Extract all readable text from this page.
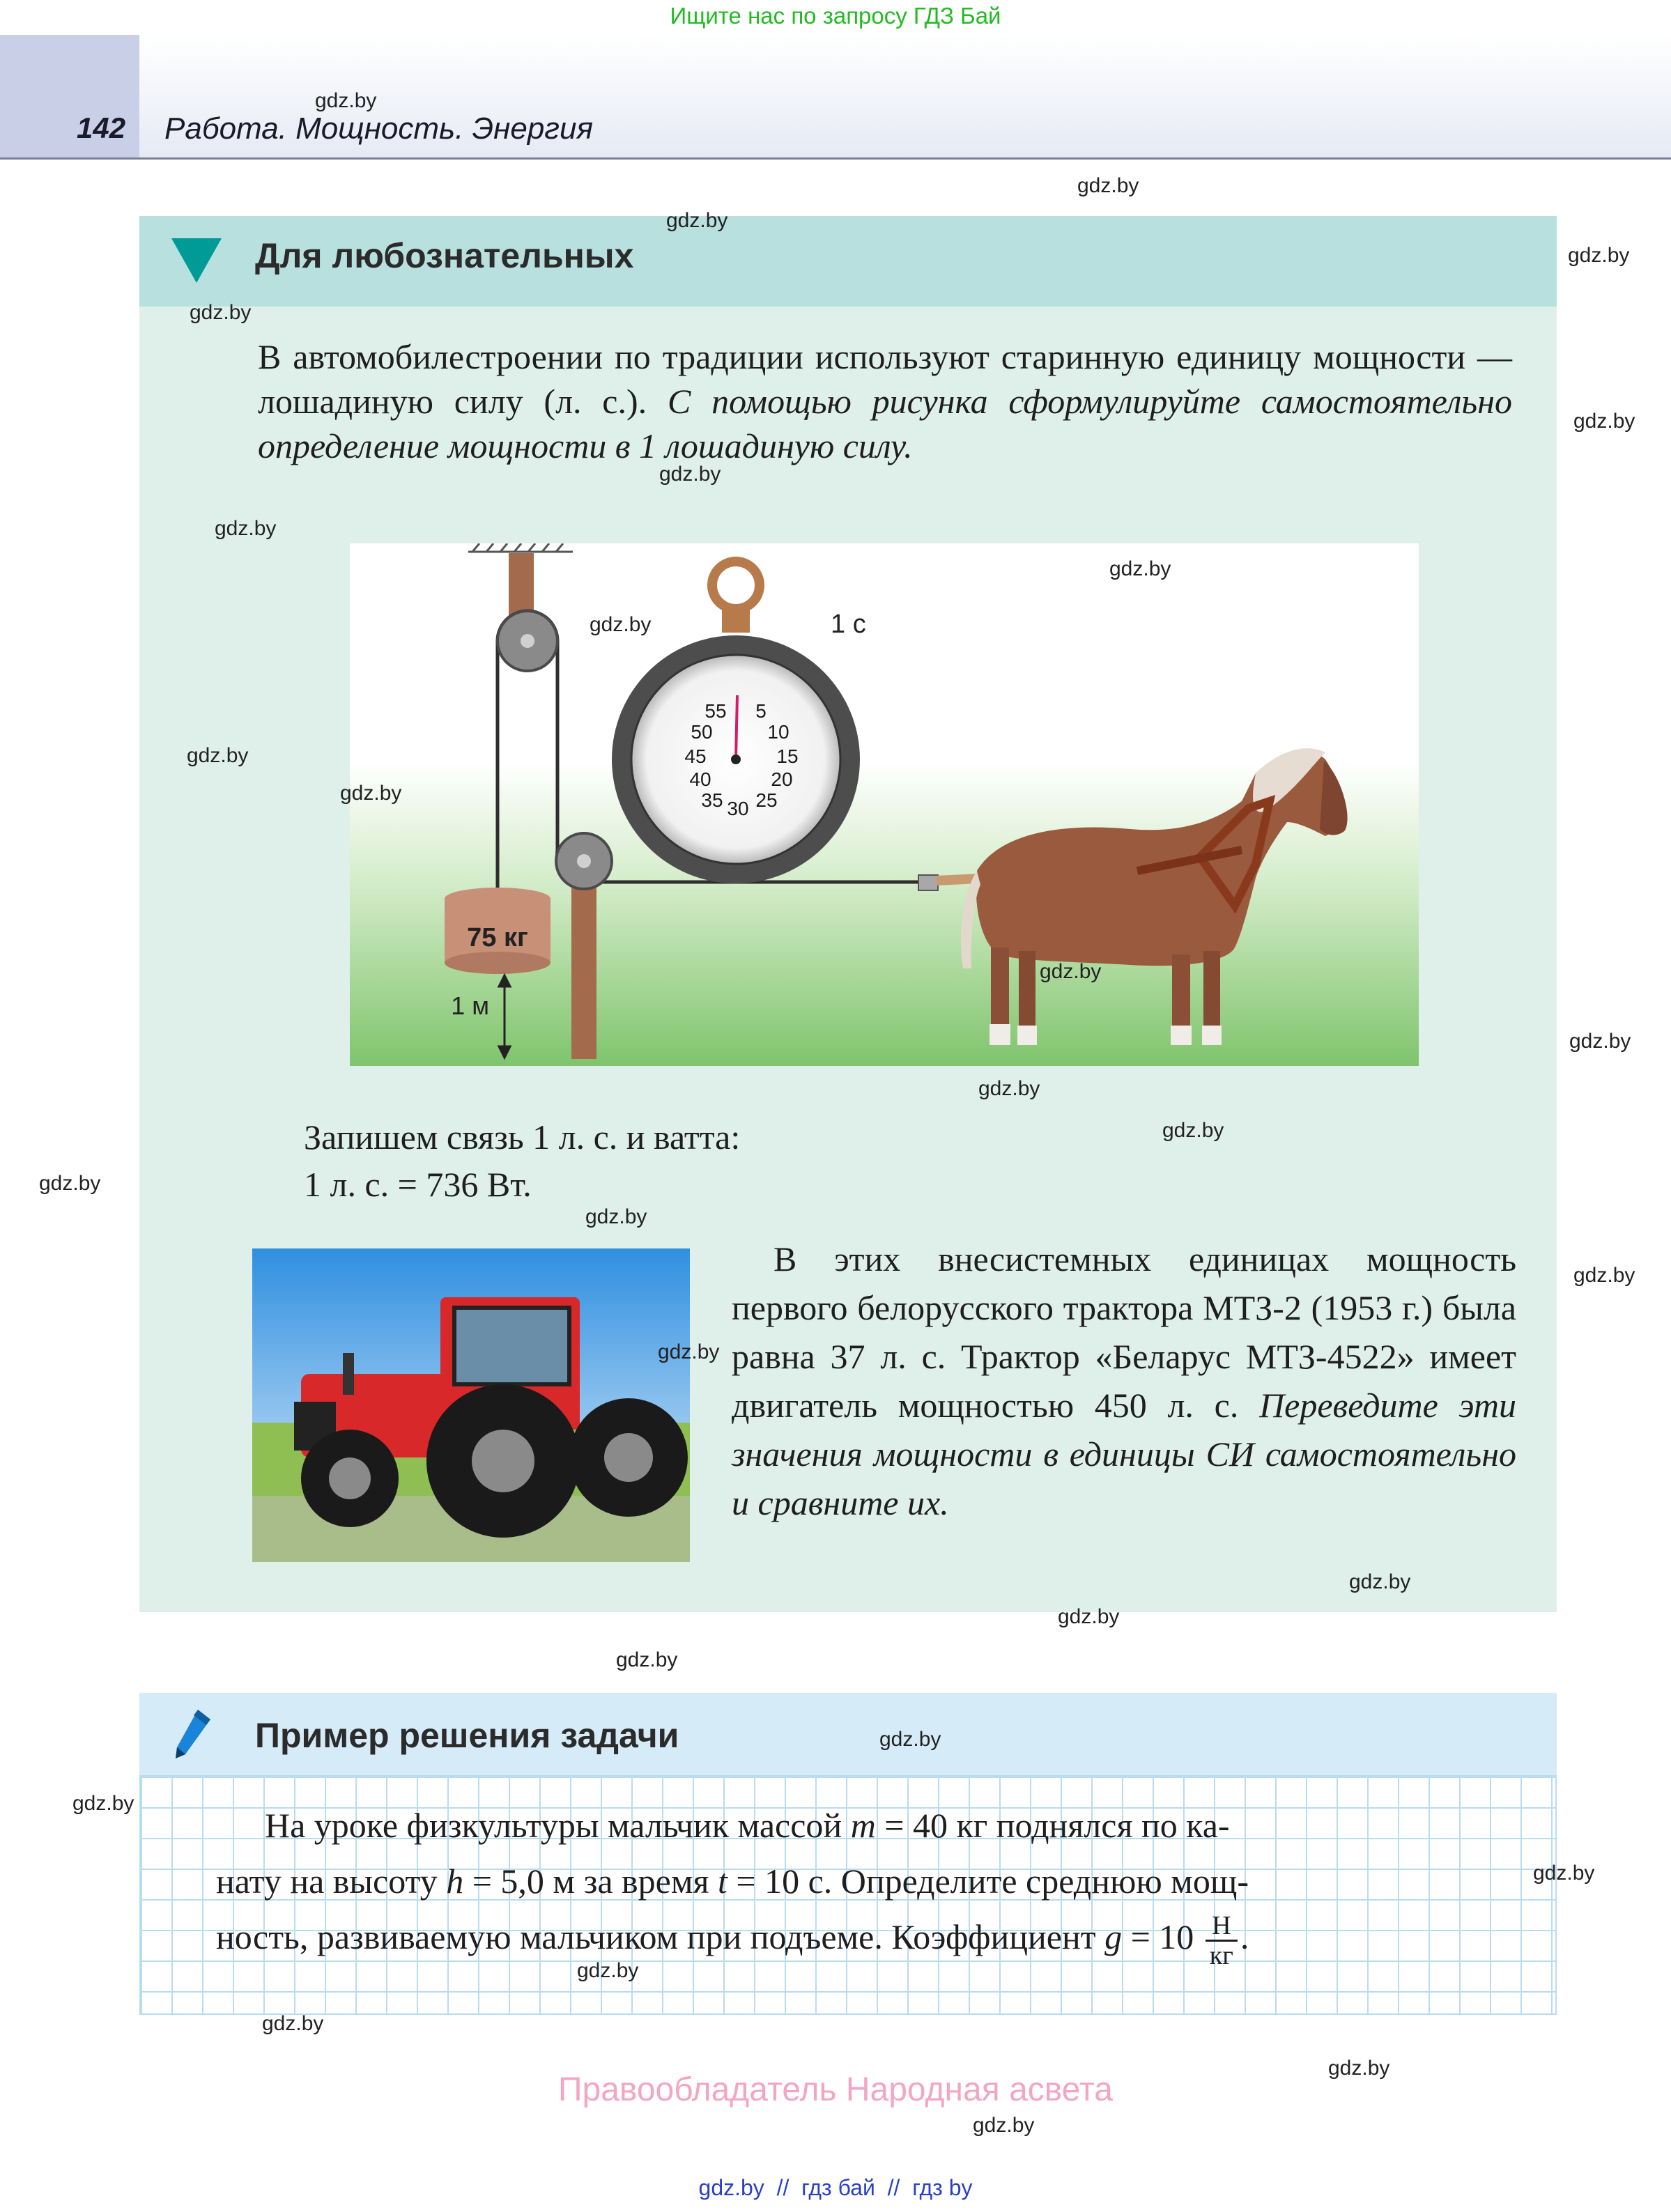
Ищите нас по запросу ГДЗ Бай
142 Работа. Мощность. Энергия
Для любознательных
В автомобилестроении по традиции используют старинную единицу мощности — лошадиную силу (л. с.). С помощью рисунка сформулируйте самостоятельно определение мощности в 1 лошадиную силу.
75 кг
1 м
55 5
50	10
45	15
40	20
35 30 25
1 с
Запишем связь 1 л. с. и ватта:
1 л. с. = 736 Вт.
В этих внесистемных единицах мощность первого белорусского трактора МТЗ-2 (1953 г.) была равна 37 л. с. Трактор «Беларус МТЗ-4522» имеет двигатель мощностью 450 л. с. Переведите эти значения мощности в единицы СИ самостоятельно и сравните их.
Пример решения задачи
На уроке физкультуры мальчик массой m = 40 кг поднялся по ка-
нату на высоту h = 5,0 м за время t = 10 с. Определите среднюю мощ-
ность, развиваемую мальчиком при подъеме. Коэффициент g = 10 Н
кг .
gdz.by
gdz.by
gdz.by
gdz.by
gdz.by
gdz.by
gdz.by
gdz.by
gdz.by
gdz.by
gdz.by
gdz.by
gdz.by
gdz.by
gdz.by
gdz.by
gdz.by
gdz.by
gdz.by
gdz.by
gdz.by
gdz.by
gdz.by
gdz.by
gdz.by
gdz.by
gdz.by
gdz.by
gdz.by
gdz.by
Правообладатель Народная асвета
gdz.by  //  гдз бай  //  гдз by
